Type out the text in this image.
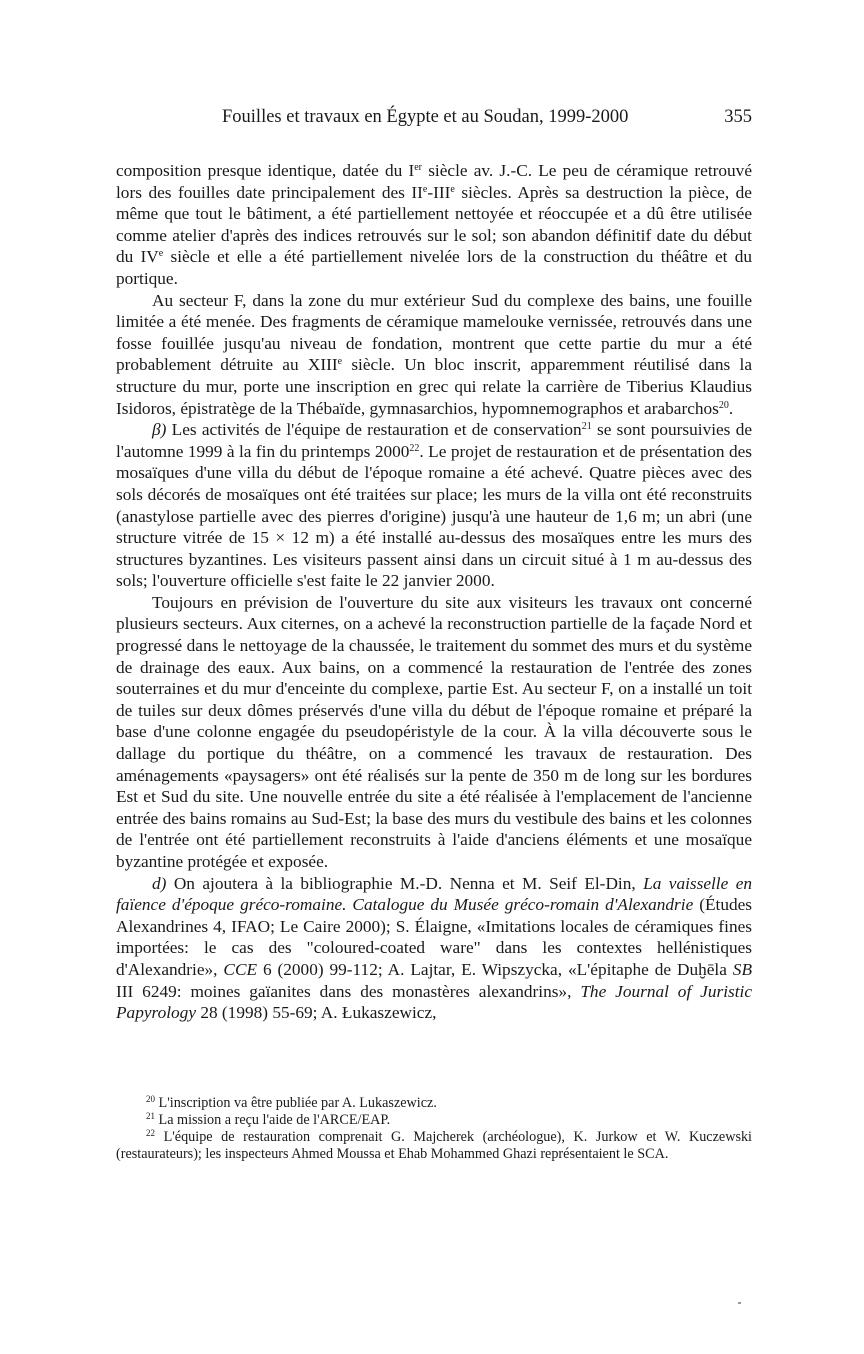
Fouilles et travaux en Égypte et au Soudan, 1999-2000	355

composition presque identique, datée du Ier siècle av. J.-C. Le peu de céramique retrouvé lors des fouilles date principalement des IIe-IIIe siècles. Après sa destruction la pièce, de même que tout le bâtiment, a été partiellement nettoyée et réoccupée et a dû être utilisée comme atelier d'après des indices retrouvés sur le sol; son abandon définitif date du début du IVe siècle et elle a été partiellement nivelée lors de la construction du théâtre et du portique.

Au secteur F, dans la zone du mur extérieur Sud du complexe des bains, une fouille limitée a été menée. Des fragments de céramique mamelouke vernissée, retrouvés dans une fosse fouillée jusqu'au niveau de fondation, montrent que cette partie du mur a été probablement détruite au XIIIe siècle. Un bloc inscrit, apparemment réutilisé dans la structure du mur, porte une inscription en grec qui relate la carrière de Tiberius Klaudius Isidoros, épistratège de la Thébaïde, gymnasarchios, hypomnemographos et arabarchos$^{20}$.

β) Les activités de l'équipe de restauration et de conservation$^{21}$ se sont poursuivies de l'automne 1999 à la fin du printemps 2000$^{22}$. Le projet de restauration et de présentation des mosaïques d'une villa du début de l'époque romaine a été achevé. Quatre pièces avec des sols décorés de mosaïques ont été traitées sur place; les murs de la villa ont été reconstruits (anastylose partielle avec des pierres d'origine) jusqu'à une hauteur de 1,6 m; un abri (une structure vitrée de 15 × 12 m) a été installé au-dessus des mosaïques entre les murs des structures byzantines. Les visiteurs passent ainsi dans un circuit situé à 1 m au-dessus des sols; l'ouverture officielle s'est faite le 22 janvier 2000.

Toujours en prévision de l'ouverture du site aux visiteurs les travaux ont concerné plusieurs secteurs. Aux citernes, on a achevé la reconstruction partielle de la façade Nord et progressé dans le nettoyage de la chaussée, le traitement du sommet des murs et du système de drainage des eaux. Aux bains, on a commencé la restauration de l'entrée des zones souterraines et du mur d'enceinte du complexe, partie Est. Au secteur F, on a installé un toit de tuiles sur deux dômes préservés d'une villa du début de l'époque romaine et préparé la base d'une colonne engagée du pseudopéristyle de la cour. À la villa découverte sous le dallage du portique du théâtre, on a commencé les travaux de restauration. Des aménagements «paysagers» ont été réalisés sur la pente de 350 m de long sur les bordures Est et Sud du site. Une nouvelle entrée du site a été réalisée à l'emplacement de l'ancienne entrée des bains romains au Sud-Est; la base des murs du vestibule des bains et les colonnes de l'entrée ont été partiellement reconstruits à l'aide d'anciens éléments et une mosaïque byzantine protégée et exposée.

d) On ajoutera à la bibliographie M.-D. Nenna et M. Seif El-Din, La vaisselle en faïence d'époque gréco-romaine. Catalogue du Musée gréco-romain d'Alexandrie (Études Alexandrines 4, IFAO; Le Caire 2000); S. Élaigne, «Imitations locales de céramiques fines importées: le cas des "coloured-coated ware" dans les contextes hellénistiques d'Alexandrie», CCE 6 (2000) 99-112; A. Lajtar, E. Wipszycka, «L'épitaphe de Duḫēla SB III 6249: moines gaïanites dans des monastères alexandrins», The Journal of Juristic Papyrology 28 (1998) 55-69; A. Łukaszewicz,

$^{20}$ L'inscription va être publiée par A. Lukaszewicz.

$^{21}$ La mission a reçu l'aide de l'ARCE/EAP.

$^{22}$ L'équipe de restauration comprenait G. Majcherek (archéologue), K. Jurkow et W. Kuczewski (restaurateurs); les inspecteurs Ahmed Moussa et Ehab Mohammed Ghazi représentaient le SCA.
